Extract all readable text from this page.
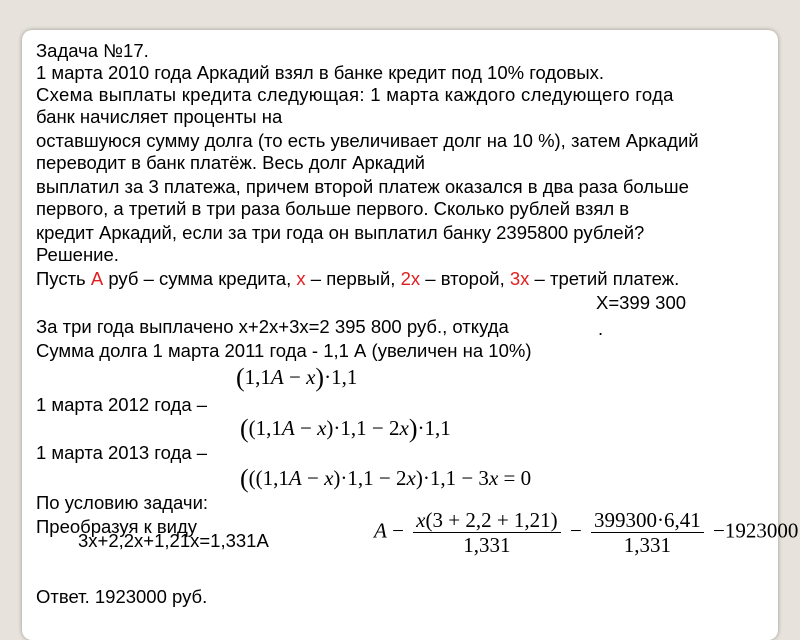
Задача №17.
1 марта 2010 года Аркадий взял в банке кредит под 10% годовых.
Схема выплаты кредита следующая: 1 марта каждого следующего года
банк начисляет проценты на
оставшуюся сумму долга (то есть увеличивает долг на 10 %), затем Аркадий
переводит в банк платёж. Весь долг Аркадий
выплатил за 3 платежа, причем второй платеж оказался в два раза больше
первого, а третий в три раза больше первого. Сколько рублей взял в
кредит Аркадий, если за три года он выплатил банку 2395800 рублей?
Решение.
Пусть А руб – сумма кредита, x – первый, 2x – второй, 3x – третий платеж.
X=399 300
За три года выплачено x+2x+3x=2 395 800 руб., откуда	.
Сумма долга 1 марта 2011 года - 1,1 А (увеличен на 10%)
(1,1A − x)·1,1
1 марта 2012 года –
((1,1A − x)·1,1 − 2x)·1,1
1 марта 2013 года –
(((1,1A − x)·1,1 − 2x)·1,1 − 3x = 0
По условию задачи:
Преобразуя к виду
3x+2,2x+1,21x=1,331А	$A - \frac{x(3 + 2,2 + 1,21)}{1,331} - \frac{399300\cdot 6,41}{1,331} -1923000$
Ответ. 1923000 руб.
